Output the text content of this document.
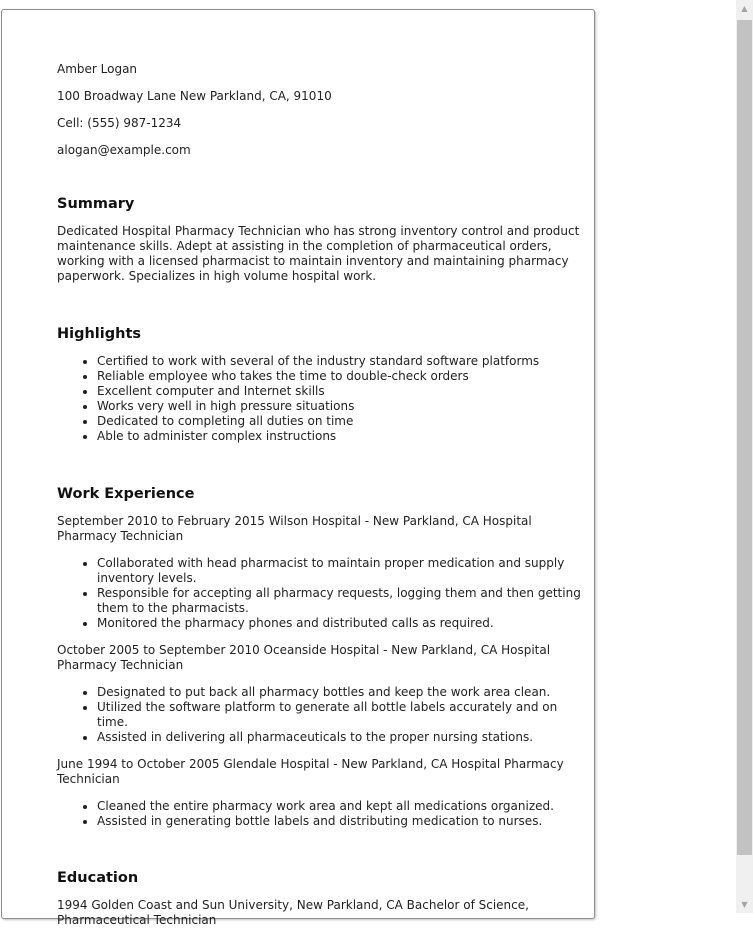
Amber Logan

100 Broadway Lane New Parkland, CA, 91010

Cell: (555) 987-1234

alogan@example.com

Summary

Dedicated Hospital Pharmacy Technician who has strong inventory control and product maintenance skills. Adept at assisting in the completion of pharmaceutical orders, working with a licensed pharmacist to maintain inventory and maintaining pharmacy paperwork. Specializes in high volume hospital work.

Highlights
• Certified to work with several of the industry standard software platforms
• Reliable employee who takes the time to double-check orders
• Excellent computer and Internet skills
• Works very well in high pressure situations
• Dedicated to completing all duties on time
• Able to administer complex instructions
Work Experience

September 2010 to February 2015 Wilson Hospital - New Parkland, CA Hospital Pharmacy Technician

• Collaborated with head pharmacist to maintain proper medication and supply inventory levels.
• Responsible for accepting all pharmacy requests, logging them and then getting them to the pharmacists.
• Monitored the pharmacy phones and distributed calls as required.

October 2005 to September 2010 Oceanside Hospital - New Parkland, CA Hospital Pharmacy Technician

• Designated to put back all pharmacy bottles and keep the work area clean.
• Utilized the software platform to generate all bottle labels accurately and on time.
• Assisted in delivering all pharmaceuticals to the proper nursing stations.

June 1994 to October 2005 Glendale Hospital - New Parkland, CA Hospital Pharmacy Technician

• Cleaned the entire pharmacy work area and kept all medications organized.
• Assisted in generating bottle labels and distributing medication to nurses.
Education

1994 Golden Coast and Sun University, New Parkland, CA Bachelor of Science, Pharmaceutical Technician

▲
▼
